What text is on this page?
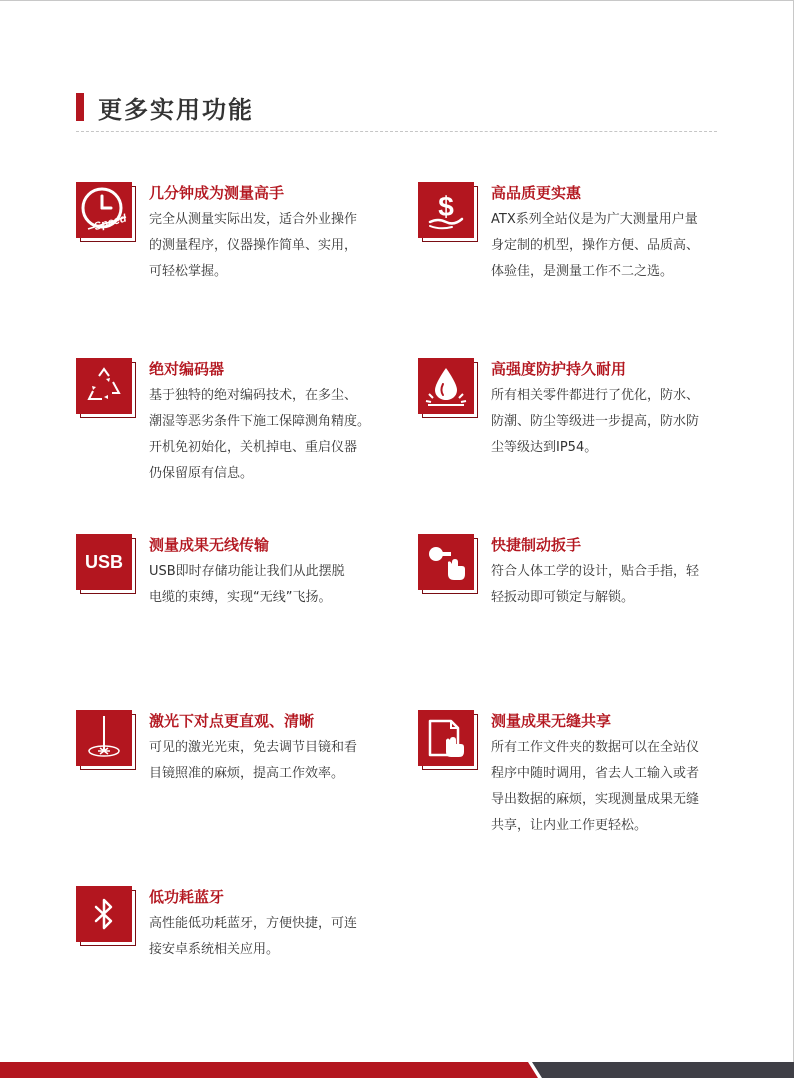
更多实用功能
Speed
几分钟成为测量高手
完全从测量实际出发，适合外业操作
的测量程序，仪器操作简单、实用，
可轻松掌握。
$ 高品质更实惠
ATX系列全站仪是为广大测量用户量
身定制的机型，操作方便、品质高、
体验佳，是测量工作不二之选。
绝对编码器
基于独特的绝对编码技术，在多尘、
潮湿等恶劣条件下施工保障测角精度。
开机免初始化，关机掉电、重启仪器
仍保留原有信息。
高强度防护持久耐用
所有相关零件都进行了优化，防水、
防潮、防尘等级进一步提高，防水防
尘等级达到IP54。
USB
测量成果无线传输
USB即时存储功能让我们从此摆脱
电缆的束缚，实现“无线”飞扬。
快捷制动扳手
符合人体工学的设计，贴合手指，轻
轻扳动即可锁定与解锁。
激光下对点更直观、清晰
可见的激光光束，免去调节目镜和看
目镜照准的麻烦，提高工作效率。
测量成果无缝共享
所有工作文件夹的数据可以在全站仪
程序中随时调用，省去人工输入或者
导出数据的麻烦，实现测量成果无缝
共享，让内业工作更轻松。
低功耗蓝牙
高性能低功耗蓝牙，方便快捷，可连
接安卓系统相关应用。
